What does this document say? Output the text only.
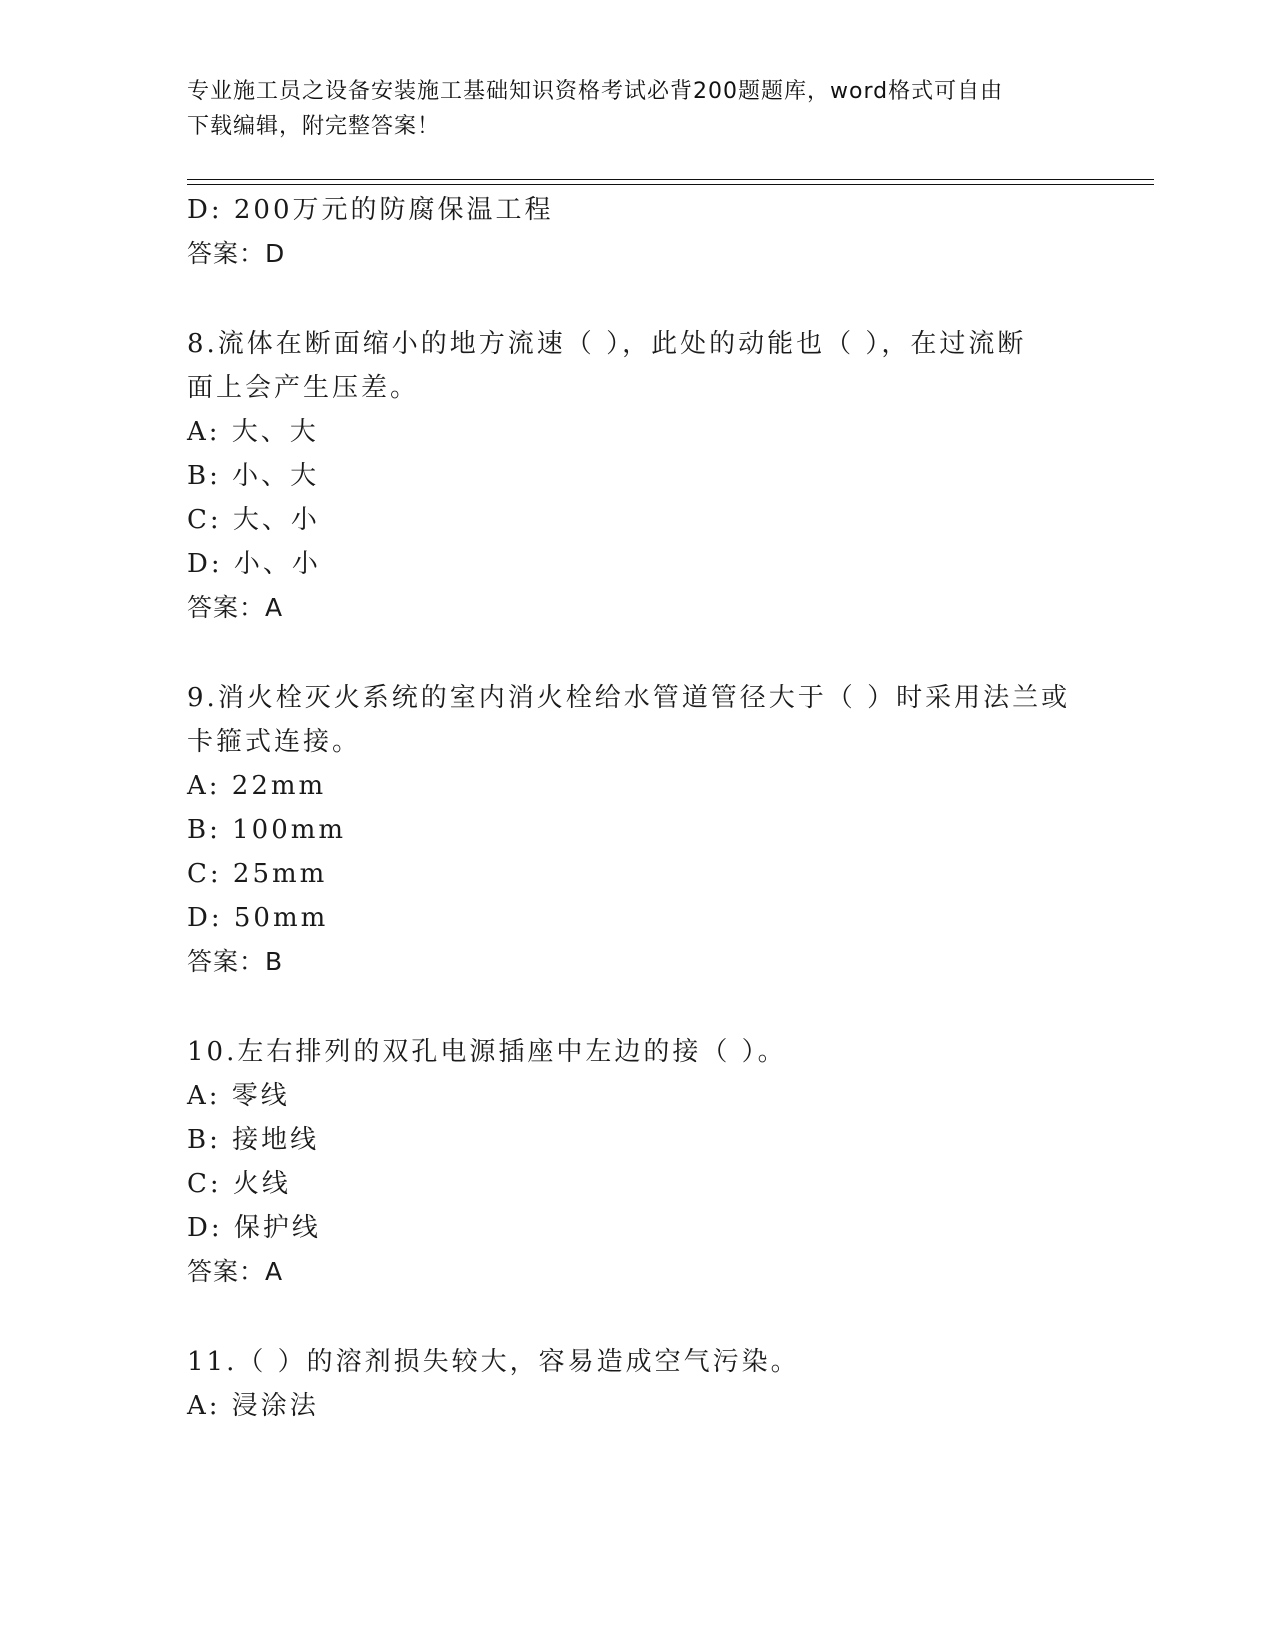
专业施工员之设备安装施工基础知识资格考试必背200题题库，word格式可自由
下载编辑，附完整答案！
D: 200万元的防腐保温工程
答案：D
8.流体在断面缩小的地方流速（ ），此处的动能也（ ），在过流断
面上会产生压差。
A: 大、大
B: 小、大
C: 大、小
D: 小、小
答案：A
9.消火栓灭火系统的室内消火栓给水管道管径大于（ ）时采用法兰或
卡箍式连接。
A: 22mm
B: 100mm
C: 25mm
D: 50mm
答案：B
10.左右排列的双孔电源插座中左边的接（ ）。
A: 零线
B: 接地线
C: 火线
D: 保护线
答案：A
11.（ ）的溶剂损失较大，容易造成空气污染。
A: 浸涂法
